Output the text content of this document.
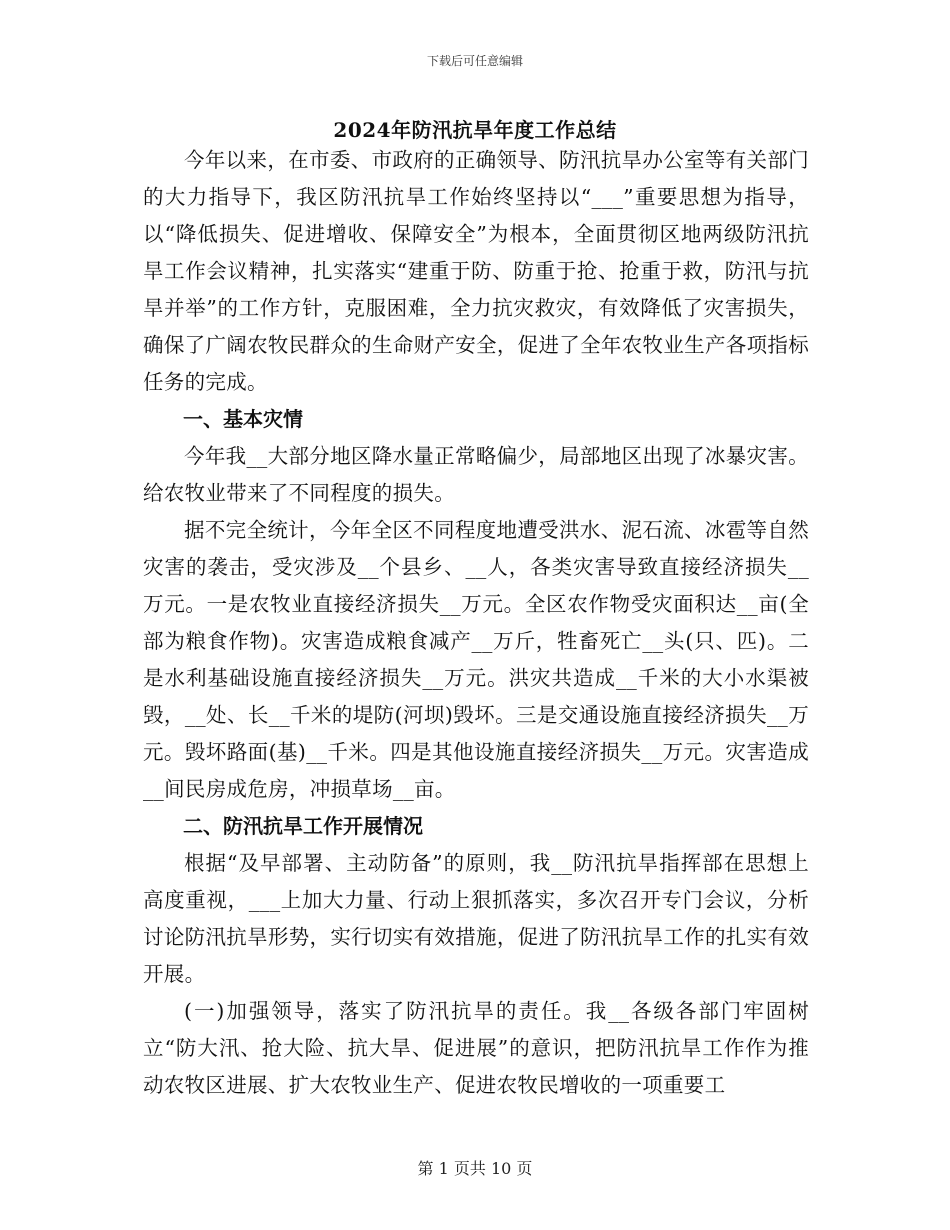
下载后可任意编辑
2024年防汛抗旱年度工作总结

今年以来，在市委、市政府的正确领导、防汛抗旱办公室等有关部门的大力指导下，我区防汛抗旱工作始终坚持以“___”重要思想为指导，以“降低损失、促进增收、保障安全”为根本，全面贯彻区地两级防汛抗旱工作会议精神，扎实落实“建重于防、防重于抢、抢重于救，防汛与抗旱并举”的工作方针，克服困难，全力抗灾救灾，有效降低了灾害损失，确保了广阔农牧民群众的生命财产安全，促进了全年农牧业生产各项指标任务的完成。

一、基本灾情

今年我__大部分地区降水量正常略偏少，局部地区出现了冰暴灾害。给农牧业带来了不同程度的损失。

据不完全统计，今年全区不同程度地遭受洪水、泥石流、冰雹等自然灾害的袭击，受灾涉及__个县乡、__人，各类灾害导致直接经济损失__万元。一是农牧业直接经济损失__万元。全区农作物受灾面积达__亩(全部为粮食作物)。灾害造成粮食减产__万斤，牲畜死亡__头(只、匹)。二是水利基础设施直接经济损失__万元。洪灾共造成__千米的大小水渠被毁，__处、长__千米的堤防(河坝)毁坏。三是交通设施直接经济损失__万元。毁坏路面(基)__千米。四是其他设施直接经济损失__万元。灾害造成__间民房成危房，冲损草场__亩。

二、防汛抗旱工作开展情况

根据“及早部署、主动防备”的原则，我__防汛抗旱指挥部在思想上高度重视，___上加大力量、行动上狠抓落实，多次召开专门会议，分析讨论防汛抗旱形势，实行切实有效措施，促进了防汛抗旱工作的扎实有效开展。

(一)加强领导，落实了防汛抗旱的责任。我__各级各部门牢固树立“防大汛、抢大险、抗大旱、促进展”的意识，把防汛抗旱工作作为推动农牧区进展、扩大农牧业生产、促进农牧民增收的一项重要工

第 1 页共 10 页
